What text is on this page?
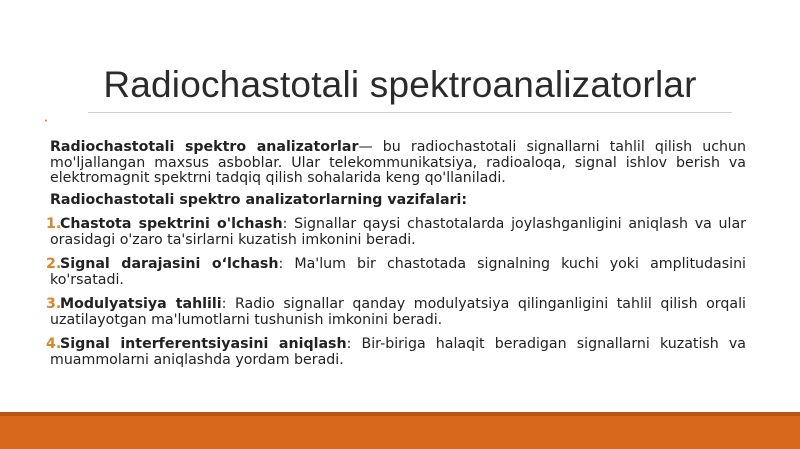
Radiochastotali spektroanalizatorlar
·

Radiochastotali spektro analizatorlar— bu radiochastotali signallarni tahlil qilish uchun mo'ljallangan maxsus asboblar. Ular telekommunikatsiya, radioaloqa, signal ishlov berish va elektromagnit spektrni tadqiq qilish sohalarida keng qo'llaniladi.

Radiochastotali spektro analizatorlarning vazifalari:

1.
Chastota spektrini o'lchash: Signallar qaysi chastotalarda joylashganligini aniqlash va ular orasidagi o'zaro ta'sirlarni kuzatish imkonini beradi.
2.
Signal darajasini o‘lchash: Ma'lum bir chastotada signalning kuchi yoki amplitudasini ko'rsatadi.
3.
Modulyatsiya tahlili: Radio signallar qanday modulyatsiya qilinganligini tahlil qilish orqali uzatilayotgan ma'lumotlarni tushunish imkonini beradi.
4.
Signal interferentsiyasini aniqlash: Bir-biriga halaqit beradigan signallarni kuzatish va muammolarni aniqlashda yordam beradi.
